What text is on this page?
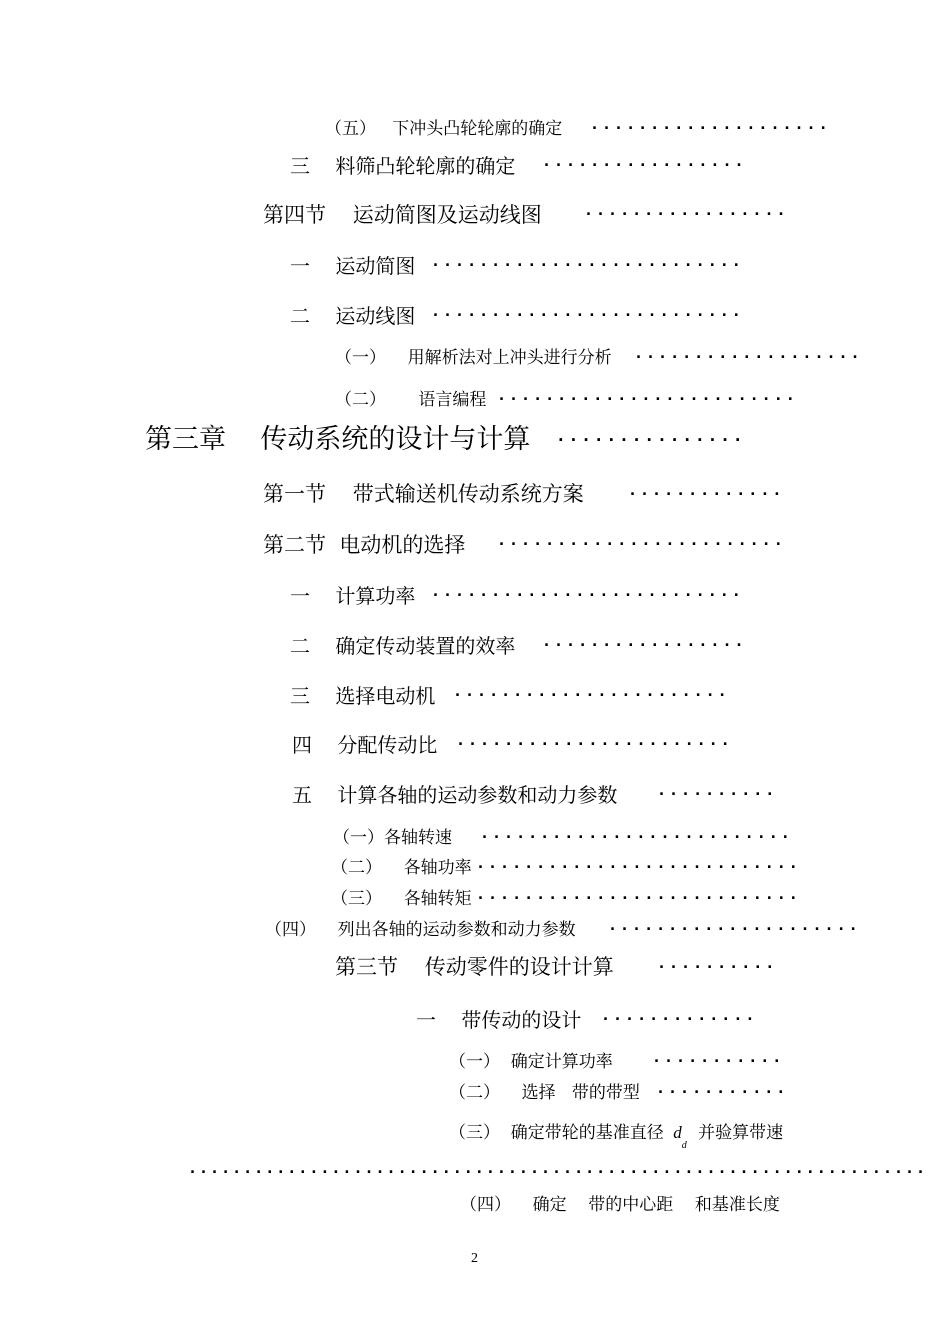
（五）   下冲头凸轮轮廓的确定 ····················
三    料筛凸轮轮廓的确定 ·················
第四节    运动简图及运动线图	·················
一    运动简图 ··························
二    运动线图 ··························
（一）    用解析法对上冲头进行分析 ···················
（二）      语言编程 ·························
第三章    传动系统的设计与计算 ···············
第一节    带式输送机传动系统方案	·············
第二节  电动机的选择 ························
一    计算功率 ··························
二    确定传动装置的效率 ·················
三    选择电动机 ·······················
四    分配传动比 ·······················
五    计算各轴的运动参数和动力参数	··········
（一）各轴转速 ··························
（二）    各轴功率 ···························
（三）    各轴转矩 ···························
（四）    列出各轴的运动参数和动力参数 ·····················
第三节    传动零件的设计计算	··········
一    带传动的设计 ·············
（一）  确定计算功率	···········
（二）    选择   带的带型 ···········
（三）  确定带轮的基准直径 $d_d$ 并验算带速
···································································
（四）    确定    带的中心距    和基准长度
2
